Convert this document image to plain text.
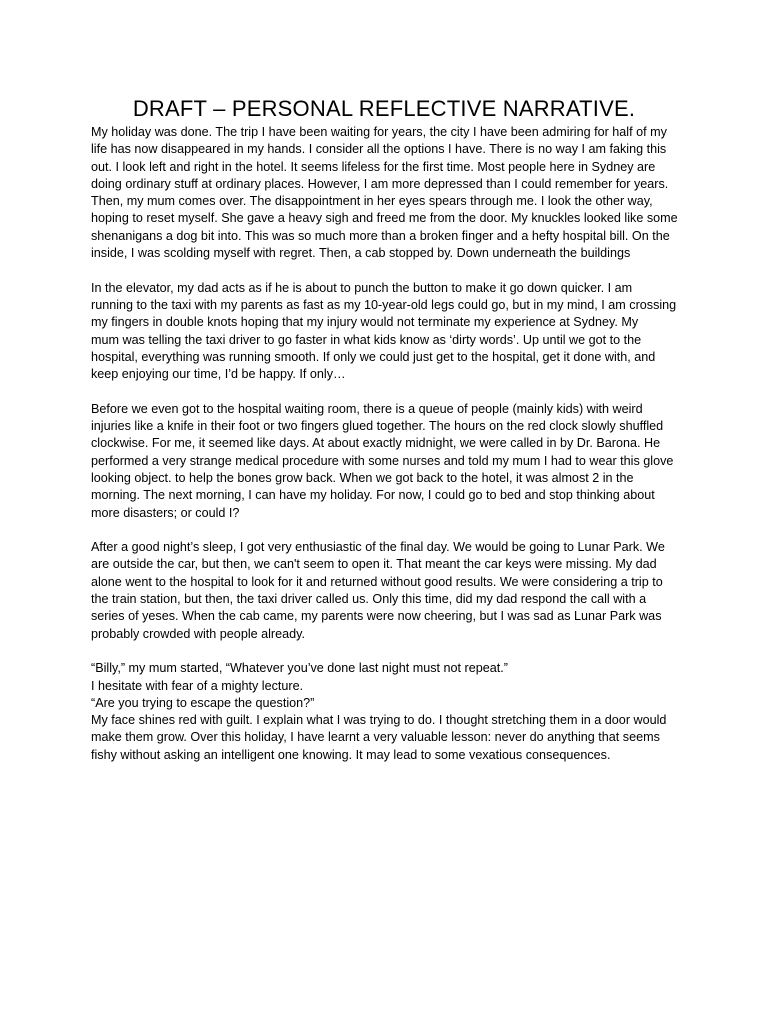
DRAFT – PERSONAL REFLECTIVE NARRATIVE.
My holiday was done. The trip I have been waiting for years, the city I have been admiring for half of my
life has now disappeared in my hands. I consider all the options I have. There is no way I am faking this
out. I look left and right in the hotel. It seems lifeless for the first time. Most people here in Sydney are
doing ordinary stuff at ordinary places. However, I am more depressed than I could remember for years.
Then, my mum comes over. The disappointment in her eyes spears through me. I look the other way,
hoping to reset myself. She gave a heavy sigh and freed me from the door. My knuckles looked like some
shenanigans a dog bit into. This was so much more than a broken finger and a hefty hospital bill. On the
inside, I was scolding myself with regret. Then, a cab stopped by. Down underneath the buildings
In the elevator, my dad acts as if he is about to punch the button to make it go down quicker. I am
running to the taxi with my parents as fast as my 10-year-old legs could go, but in my mind, I am crossing
my fingers in double knots hoping that my injury would not terminate my experience at Sydney. My
mum was telling the taxi driver to go faster in what kids know as ‘dirty words’. Up until we got to the
hospital, everything was running smooth. If only we could just get to the hospital, get it done with, and
keep enjoying our time, I’d be happy. If only…
Before we even got to the hospital waiting room, there is a queue of people (mainly kids) with weird
injuries like a knife in their foot or two fingers glued together. The hours on the red clock slowly shuffled
clockwise. For me, it seemed like days. At about exactly midnight, we were called in by Dr. Barona. He
performed a very strange medical procedure with some nurses and told my mum I had to wear this glove
looking object. to help the bones grow back. When we got back to the hotel, it was almost 2 in the
morning. The next morning, I can have my holiday. For now, I could go to bed and stop thinking about
more disasters; or could I?
After a good night’s sleep, I got very enthusiastic of the final day. We would be going to Lunar Park. We
are outside the car, but then, we can't seem to open it. That meant the car keys were missing. My dad
alone went to the hospital to look for it and returned without good results. We were considering a trip to
the train station, but then, the taxi driver called us. Only this time, did my dad respond the call with a
series of yeses. When the cab came, my parents were now cheering, but I was sad as Lunar Park was
probably crowded with people already.
“Billy,” my mum started, “Whatever you’ve done last night must not repeat.”
I hesitate with fear of a mighty lecture.
“Are you trying to escape the question?”
My face shines red with guilt. I explain what I was trying to do. I thought stretching them in a door would
make them grow. Over this holiday, I have learnt a very valuable lesson: never do anything that seems
fishy without asking an intelligent one knowing. It may lead to some vexatious consequences.
